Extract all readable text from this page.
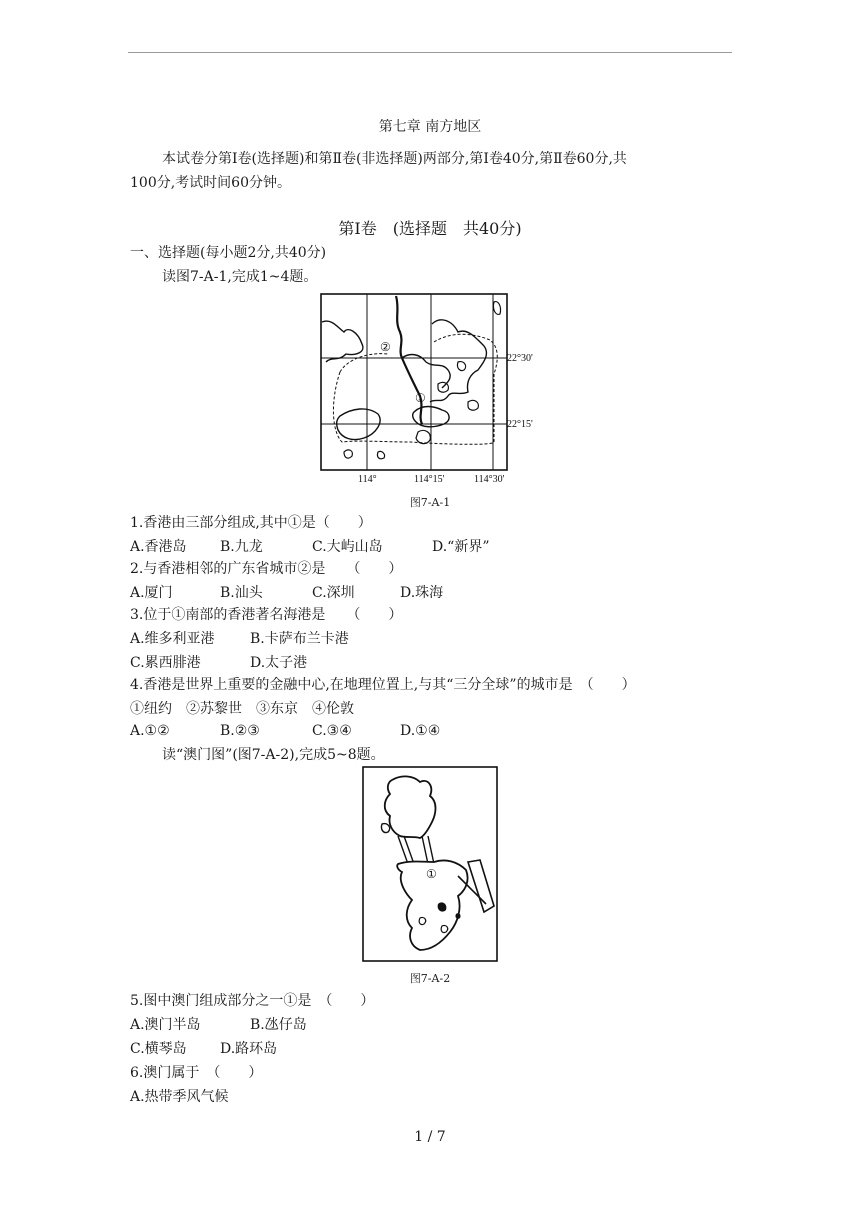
第七章 南方地区
本试卷分第Ⅰ卷(选择题)和第Ⅱ卷(非选择题)两部分,第Ⅰ卷40分,第Ⅱ卷60分,共
100分,考试时间60分钟。
第Ⅰ卷　(选择题　共40分)
一、选择题(每小题2分,共40分)
读图7-A-1,完成1~4题。
②
①
22°30'
22°15'
114°	114°15'	114°30'
图7-A-1
1.香港由三部分组成,其中①是（　　）
A.香港岛 B.九龙	C.大屿山岛	D.“新界”
2.与香港相邻的广东省城市②是　　（　　）
A.厦门	B.汕头	C.深圳	D.珠海
3.位于①南部的香港著名海港是　　（　　）
A.维多利亚港	B.卡萨布兰卡港
C.累西腓港	D.太子港
4.香港是世界上重要的金融中心,在地理位置上,与其“三分全球”的城市是　（　　）
①纽约　②苏黎世　③东京　④伦敦
A.①②	B.②③	C.③④	D.①④
读“澳门图”(图7-A-2),完成5~8题。
①
图7-A-2
5.图中澳门组成部分之一①是　（　　）
A.澳门半岛	B.氹仔岛
C.横琴岛 D.路环岛
6.澳门属于　（　　）
A.热带季风气候
1 / 7
